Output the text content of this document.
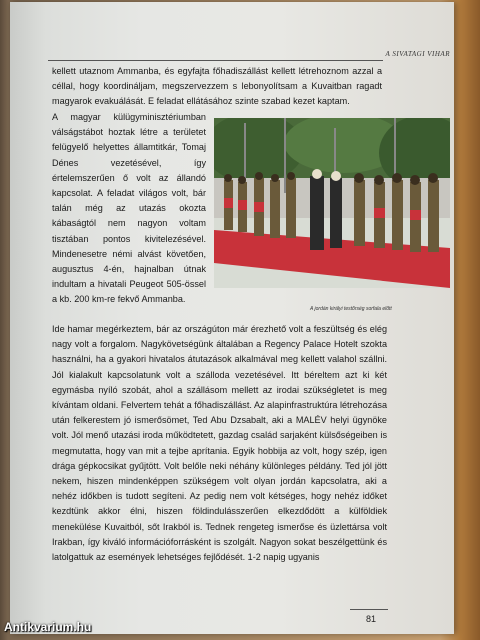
A SIVATAGI VIHAR

kellett utaznom Ammanba, és egyfajta főhadiszállást kellett létrehoznom azzal a céllal, hogy koordináljam, megszervezzem s lebonyolítsam a Kuvaitban ragadt magyarok evakuálását. E feladat ellátásához szinte szabad kezet kaptam.

A magyar külügyminisztériumban válságstábot hoztak létre a területet felügyelő helyettes államtitkár, Tomaj Dénes vezetésével, így értelemszerűen ő volt az állandó kapcsolat. A feladat világos volt, bár talán még az utazás okozta kábaságtól nem nagyon voltam tisztában pontos kivitelezésével. Mindenesetre némi alvást követően, augusztus 4-én, hajnalban útnak indultam a hivatali Peugeot 505-össel a kb. 200 km-re fekvő Ammanba.

A jordán királyi testőrség sorfala előtt

Ide hamar megérkeztem, bár az országúton már érezhető volt a feszültség és elég nagy volt a forgalom. Nagykövetségünk általában a Regency Palace Hotelt szokta használni, ha a gyakori hivatalos átutazások alkalmával meg kellett valahol szállni. Jól kialakult kapcsolatunk volt a szálloda vezetésével. Itt béreltem azt ki két egymásba nyíló szobát, ahol a szállásom mellett az irodai szükségletet is meg kívántam oldani. Felvertem tehát a főhadiszállást. Az alapinfrastruktúra létrehozása után felkerestem jó ismerősömet, Ted Abu Dzsabalt, aki a MALÉV helyi ügynöke volt. Jól menő utazási iroda működtetett, gazdag család sarjaként külsőségeiben is megmutatta, hogy van mit a tejbe aprítania. Egyik hobbija az volt, hogy szép, igen drága gépkocsikat gyűjtött. Volt belőle neki néhány különleges példány. Ted jól jött nekem, hiszen mindenképpen szükségem volt olyan jordán kapcsolatra, aki a nehéz időkben is tudott segíteni. Az pedig nem volt kétséges, hogy nehéz időket kezdtünk akkor élni, hiszen földindulásszerűen elkezdődött a külföldiek menekülése Kuvaitból, sőt Irakból is. Tednek rengeteg ismerőse és üzlettársa volt Irakban, így kiváló információforrásként is szolgált. Nagyon sokat beszélgettünk és latolgattuk az események lehetséges fejlődését. 1-2 napig ugyanis

81
Antikvarium.hu
